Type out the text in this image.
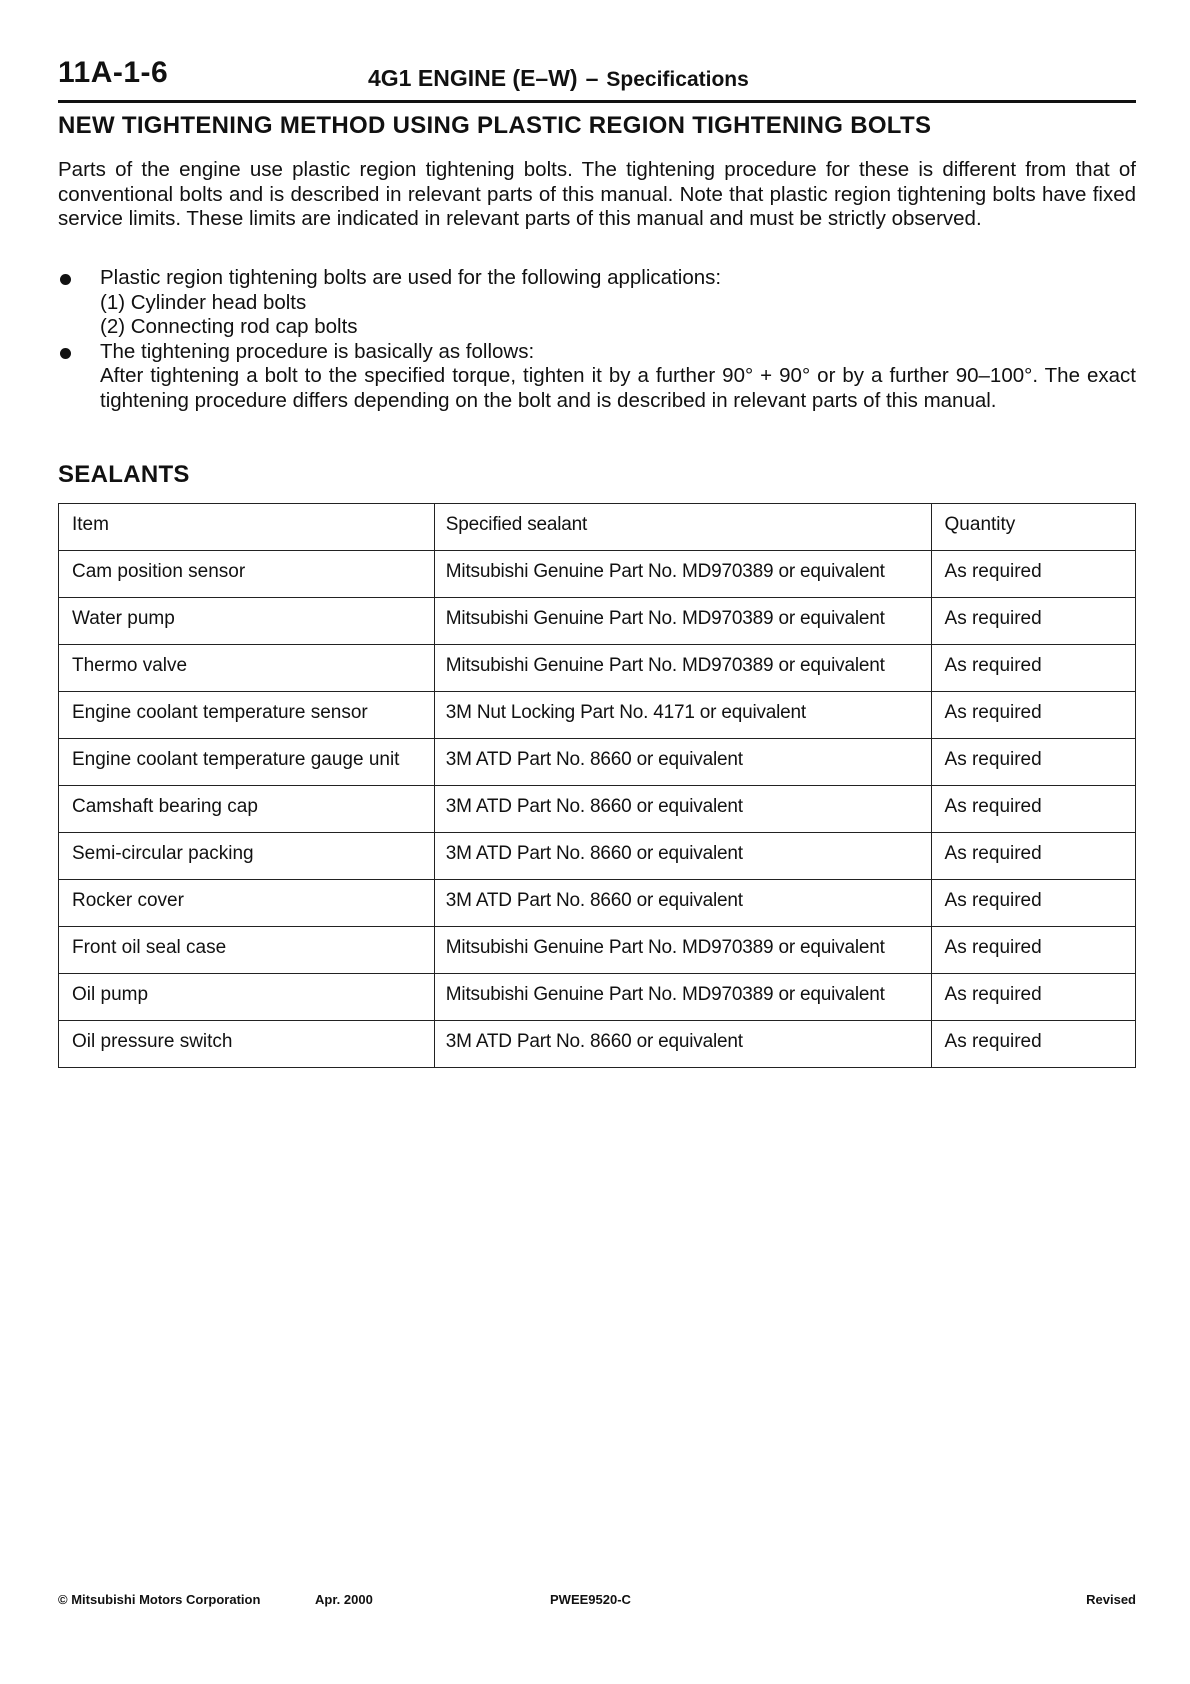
11A-1-6	4G1 ENGINE (E–W) – Specifications
NEW TIGHTENING METHOD USING PLASTIC REGION TIGHTENING BOLTS

Parts of the engine use plastic region tightening bolts. The tightening procedure for these is different from that of conventional bolts and is described in relevant parts of this manual. Note that plastic region tightening bolts have fixed service limits. These limits are indicated in relevant parts of this manual and must be strictly observed.

Plastic region tightening bolts are used for the following applications:
(1) Cylinder head bolts
(2) Connecting rod cap bolts
The tightening procedure is basically as follows:
After tightening a bolt to the specified torque, tighten it by a further 90° + 90° or by a further 90–100°. The exact tightening procedure differs depending on the bolt and is described in relevant parts of this manual.
SEALANTS
Item	Specified sealant	Quantity
Cam position sensor	Mitsubishi Genuine Part No. MD970389 or equivalent	As required
Water pump	Mitsubishi Genuine Part No. MD970389 or equivalent	As required
Thermo valve	Mitsubishi Genuine Part No. MD970389 or equivalent	As required
Engine coolant temperature sensor	3M Nut Locking Part No. 4171 or equivalent	As required
Engine coolant temperature gauge unit	3M ATD Part No. 8660 or equivalent	As required
Camshaft bearing cap	3M ATD Part No. 8660 or equivalent	As required
Semi-circular packing	3M ATD Part No. 8660 or equivalent	As required
Rocker cover	3M ATD Part No. 8660 or equivalent	As required
Front oil seal case	Mitsubishi Genuine Part No. MD970389 or equivalent	As required
Oil pump	Mitsubishi Genuine Part No. MD970389 or equivalent	As required
Oil pressure switch	3M ATD Part No. 8660 or equivalent	As required
© Mitsubishi Motors Corporation	Apr. 2000	PWEE9520-C	Revised
